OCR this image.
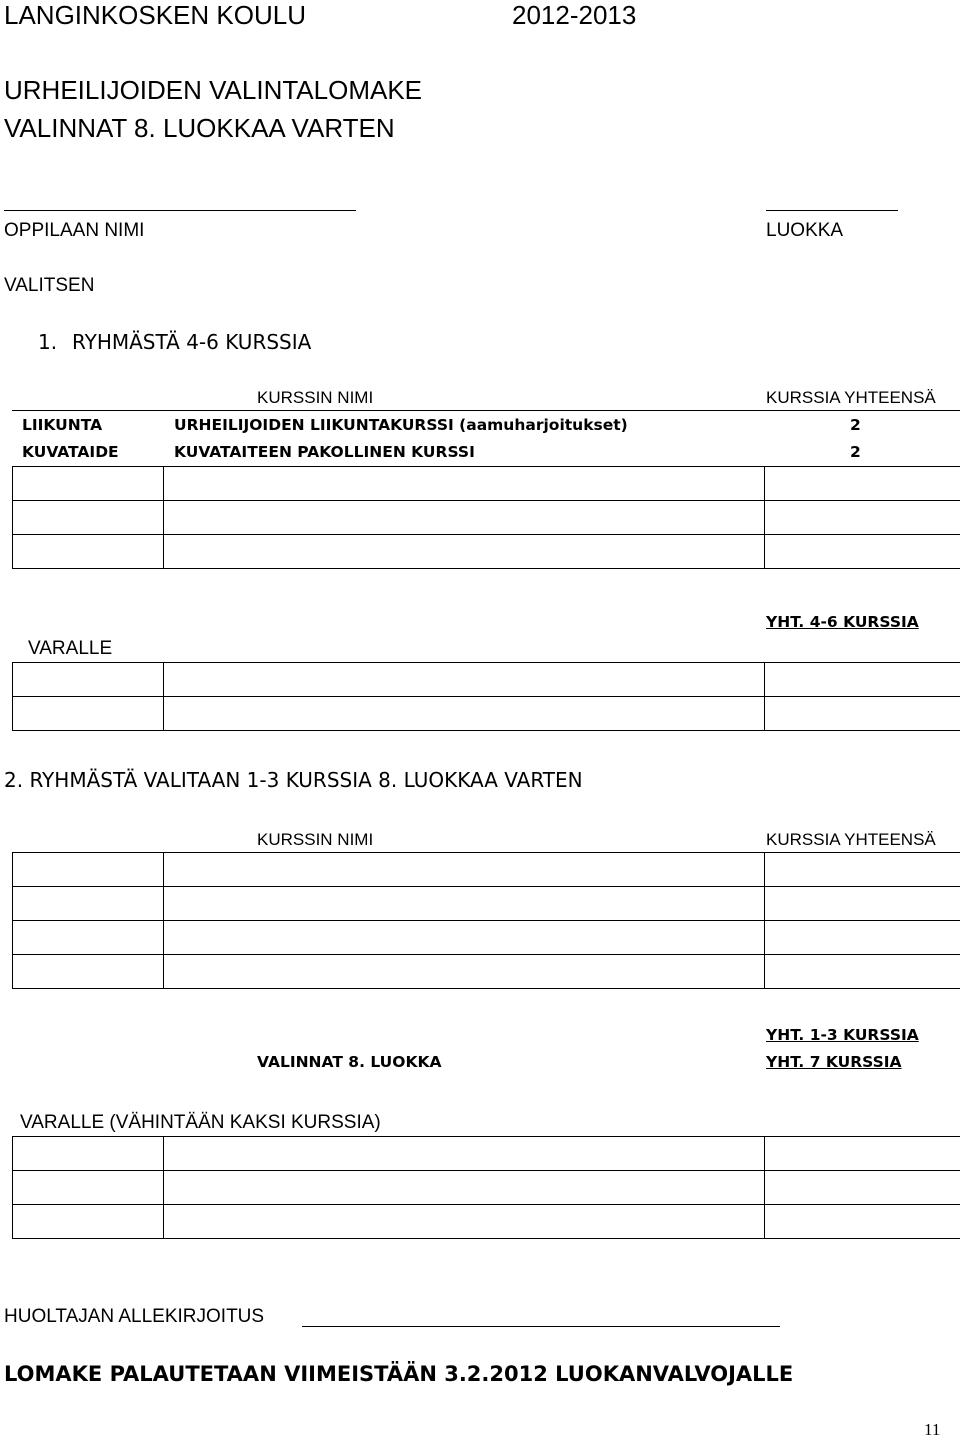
LANGINKOSKEN KOULU	2012-2013
URHEILIJOIDEN VALINTALOMAKE
VALINNAT 8. LUOKKAA VARTEN
OPPILAAN NIMI	LUOKKA
VALITSEN
1. RYHMÄSTÄ 4-6 KURSSIA
KURSSIN NIMI	KURSSIA YHTEENSÄ
LIIKUNTA	URHEILIJOIDEN LIIKUNTAKURSSI (aamuharjoitukset)	2
KUVATAIDE	KUVATAITEEN PAKOLLINEN KURSSI	2

YHT. 4-6 KURSSIA
VARALLE

2. RYHMÄSTÄ VALITAAN 1-3 KURSSIA 8. LUOKKAA VARTEN
KURSSIN NIMI	KURSSIA YHTEENSÄ

YHT. 1-3 KURSSIA
VALINNAT 8. LUOKKA	YHT. 7 KURSSIA
VARALLE (VÄHINTÄÄN KAKSI KURSSIA)

HUOLTAJAN ALLEKIRJOITUS
LOMAKE PALAUTETAAN VIIMEISTÄÄN 3.2.2012 LUOKANVALVOJALLE
11
